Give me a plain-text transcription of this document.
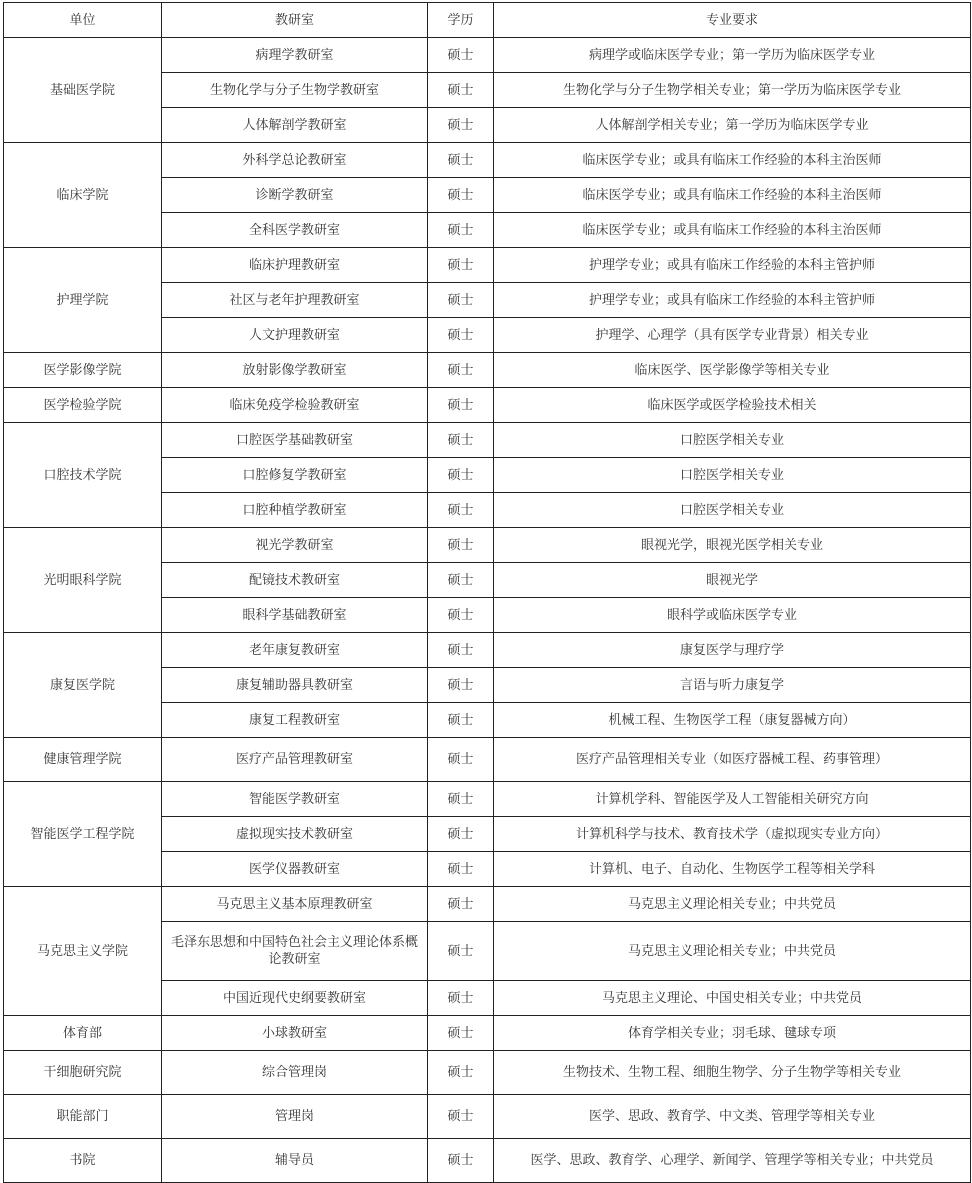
单位	教研室	学历	专业要求
基础医学院	病理学教研室	硕士	病理学或临床医学专业；第一学历为临床医学专业
	生物化学与分子生物学教研室	硕士	生物化学与分子生物学相关专业；第一学历为临床医学专业
	人体解剖学教研室	硕士	人体解剖学相关专业；第一学历为临床医学专业
临床学院	外科学总论教研室	硕士	临床医学专业；或具有临床工作经验的本科主治医师
	诊断学教研室	硕士	临床医学专业；或具有临床工作经验的本科主治医师
	全科医学教研室	硕士	临床医学专业；或具有临床工作经验的本科主治医师
护理学院	临床护理教研室	硕士	护理学专业；或具有临床工作经验的本科主管护师
	社区与老年护理教研室	硕士	护理学专业；或具有临床工作经验的本科主管护师
	人文护理教研室	硕士	护理学、心理学（具有医学专业背景）相关专业
医学影像学院	放射影像学教研室	硕士	临床医学、医学影像学等相关专业
医学检验学院	临床免疫学检验教研室	硕士	临床医学或医学检验技术相关
口腔技术学院	口腔医学基础教研室	硕士	口腔医学相关专业
	口腔修复学教研室	硕士	口腔医学相关专业
	口腔种植学教研室	硕士	口腔医学相关专业
光明眼科学院	视光学教研室	硕士	眼视光学，眼视光医学相关专业
	配镜技术教研室	硕士	眼视光学
	眼科学基础教研室	硕士	眼科学或临床医学专业
康复医学院	老年康复教研室	硕士	康复医学与理疗学
	康复辅助器具教研室	硕士	言语与听力康复学
	康复工程教研室	硕士	机械工程、生物医学工程（康复器械方向）
健康管理学院	医疗产品管理教研室	硕士	医疗产品管理相关专业（如医疗器械工程、药事管理）
智能医学工程学院	智能医学教研室	硕士	计算机学科、智能医学及人工智能相关研究方向
	虚拟现实技术教研室	硕士	计算机科学与技术、教育技术学（虚拟现实专业方向）
	医学仪器教研室	硕士	计算机、电子、自动化、生物医学工程等相关学科
马克思主义学院	马克思主义基本原理教研室	硕士	马克思主义理论相关专业；中共党员
	毛泽东思想和中国特色社会主义理论体系概论教研室	硕士	马克思主义理论相关专业；中共党员
	中国近现代史纲要教研室	硕士	马克思主义理论、中国史相关专业；中共党员
体育部	小球教研室	硕士	体育学相关专业；羽毛球、毽球专项
干细胞研究院	综合管理岗	硕士	生物技术、生物工程、细胞生物学、分子生物学等相关专业
职能部门	管理岗	硕士	医学、思政、教育学、中文类、管理学等相关专业
书院	辅导员	硕士	医学、思政、教育学、心理学、新闻学、管理学等相关专业；中共党员
